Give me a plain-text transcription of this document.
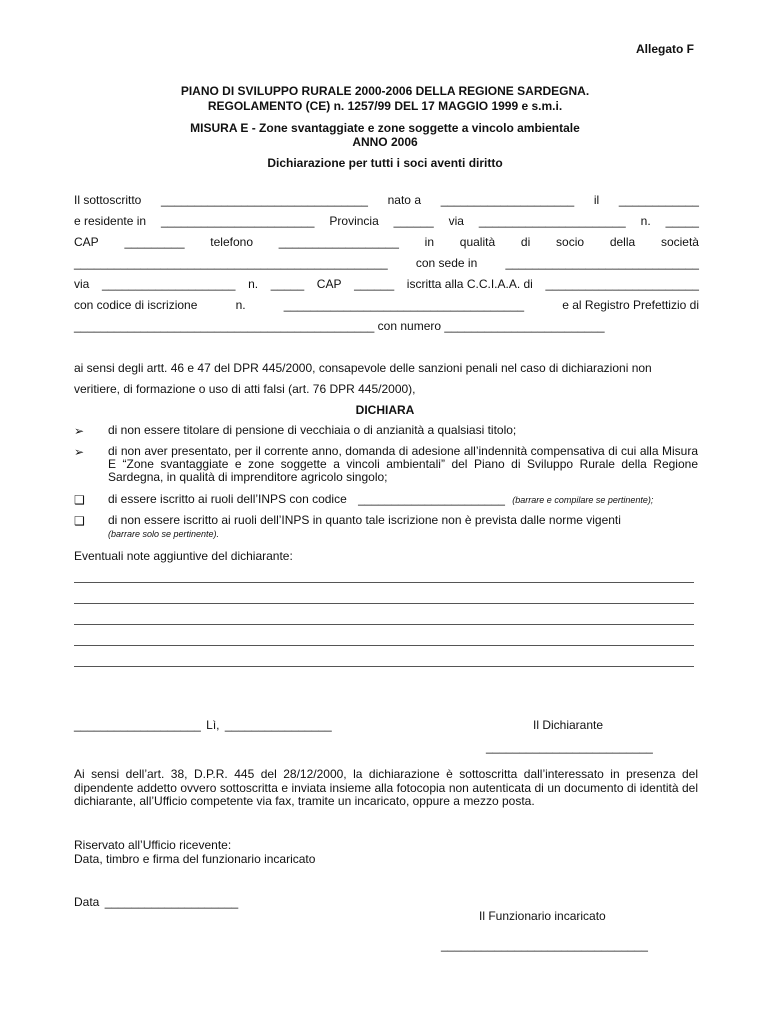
Allegato F
PIANO DI SVILUPPO RURALE 2000-2006 DELLA REGIONE SARDEGNA.
REGOLAMENTO (CE) n. 1257/99 DEL 17 MAGGIO 1999 e s.m.i.
MISURA E - Zone svantaggiate e zone soggette a vincolo ambientale
ANNO 2006
Dichiarazione per tutti i soci aventi diritto
Il sottoscritto _______________________________ nato a ____________________ il ____________
e residente in _______________________ Provincia ______ via ______________________ n. _____
CAP _________ telefono __________________ in qualità di socio della società
_______________________________________________ con sede in _____________________________
via ____________________ n. _____ CAP ______ iscritta alla C.C.I.A.A. di _______________________
con codice di iscrizione	n.	____________________________________	e al Registro Prefettizio di
_____________________________________________ con numero ________________________
ai sensi degli artt. 46 e 47 del DPR 445/2000, consapevole delle sanzioni penali nel caso di dichiarazioni non
veritiere, di formazione o uso di atti falsi (art. 76 DPR 445/2000),
DICHIARA
➢ di non essere titolare di pensione di vecchiaia o di anzianità a qualsiasi titolo;
➢ di non aver presentato, per il corrente anno, domanda di adesione all’indennità compensativa di cui alla Misura E “Zone svantaggiate e zone soggette a vincoli ambientali” del Piano di Sviluppo Rurale della Regione Sardegna, in qualità di imprenditore agricolo singolo;
❑ di essere iscritto ai ruoli dell’INPS con codice ______________________ (barrare e compilare se pertinente);
❑ di non essere iscritto ai ruoli dell’INPS in quanto tale iscrizione non è prevista dalle norme vigenti
(barrare solo se pertinente).
Eventuali note aggiuntive del dichiarante:
___________________ Lì, ________________	Il Dichiarante
_________________________
Ai sensi dell’art. 38, D.P.R. 445 del 28/12/2000, la dichiarazione è sottoscritta dall’interessato in presenza del dipendente addetto ovvero sottoscritta e inviata insieme alla fotocopia non autenticata di un documento di identità del dichiarante, all’Ufficio competente via fax, tramite un incaricato, oppure a mezzo posta.
Riservato all’Ufficio ricevente:
Data, timbro e firma del funzionario incaricato
Data ____________________
Il Funzionario incaricato
_______________________________
